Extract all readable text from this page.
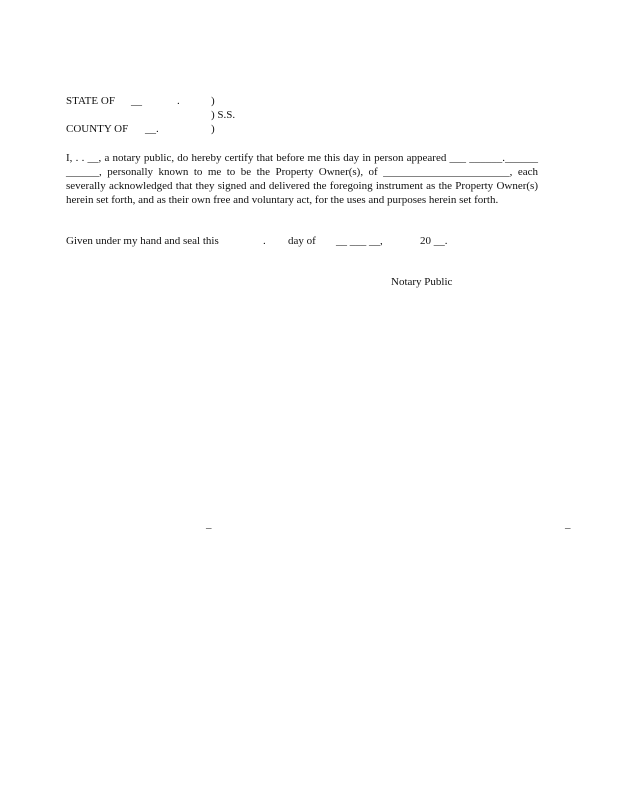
STATE OF __	.	)
) S.S.
COUNTY OF __.	)
I, . . __, a notary public, do hereby certify that before me this day in person appeared ___ ______.______ ______, personally known to me to be the Property Owner(s), of _______________________, each severally acknowledged that they signed and delivered the foregoing instrument as the Property Owner(s) herein set forth, and as their own free and voluntary act, for the uses and purposes herein set forth.
Given under my hand and seal this	. day of __ ___ __,	20 __.
Notary Public
–	–
